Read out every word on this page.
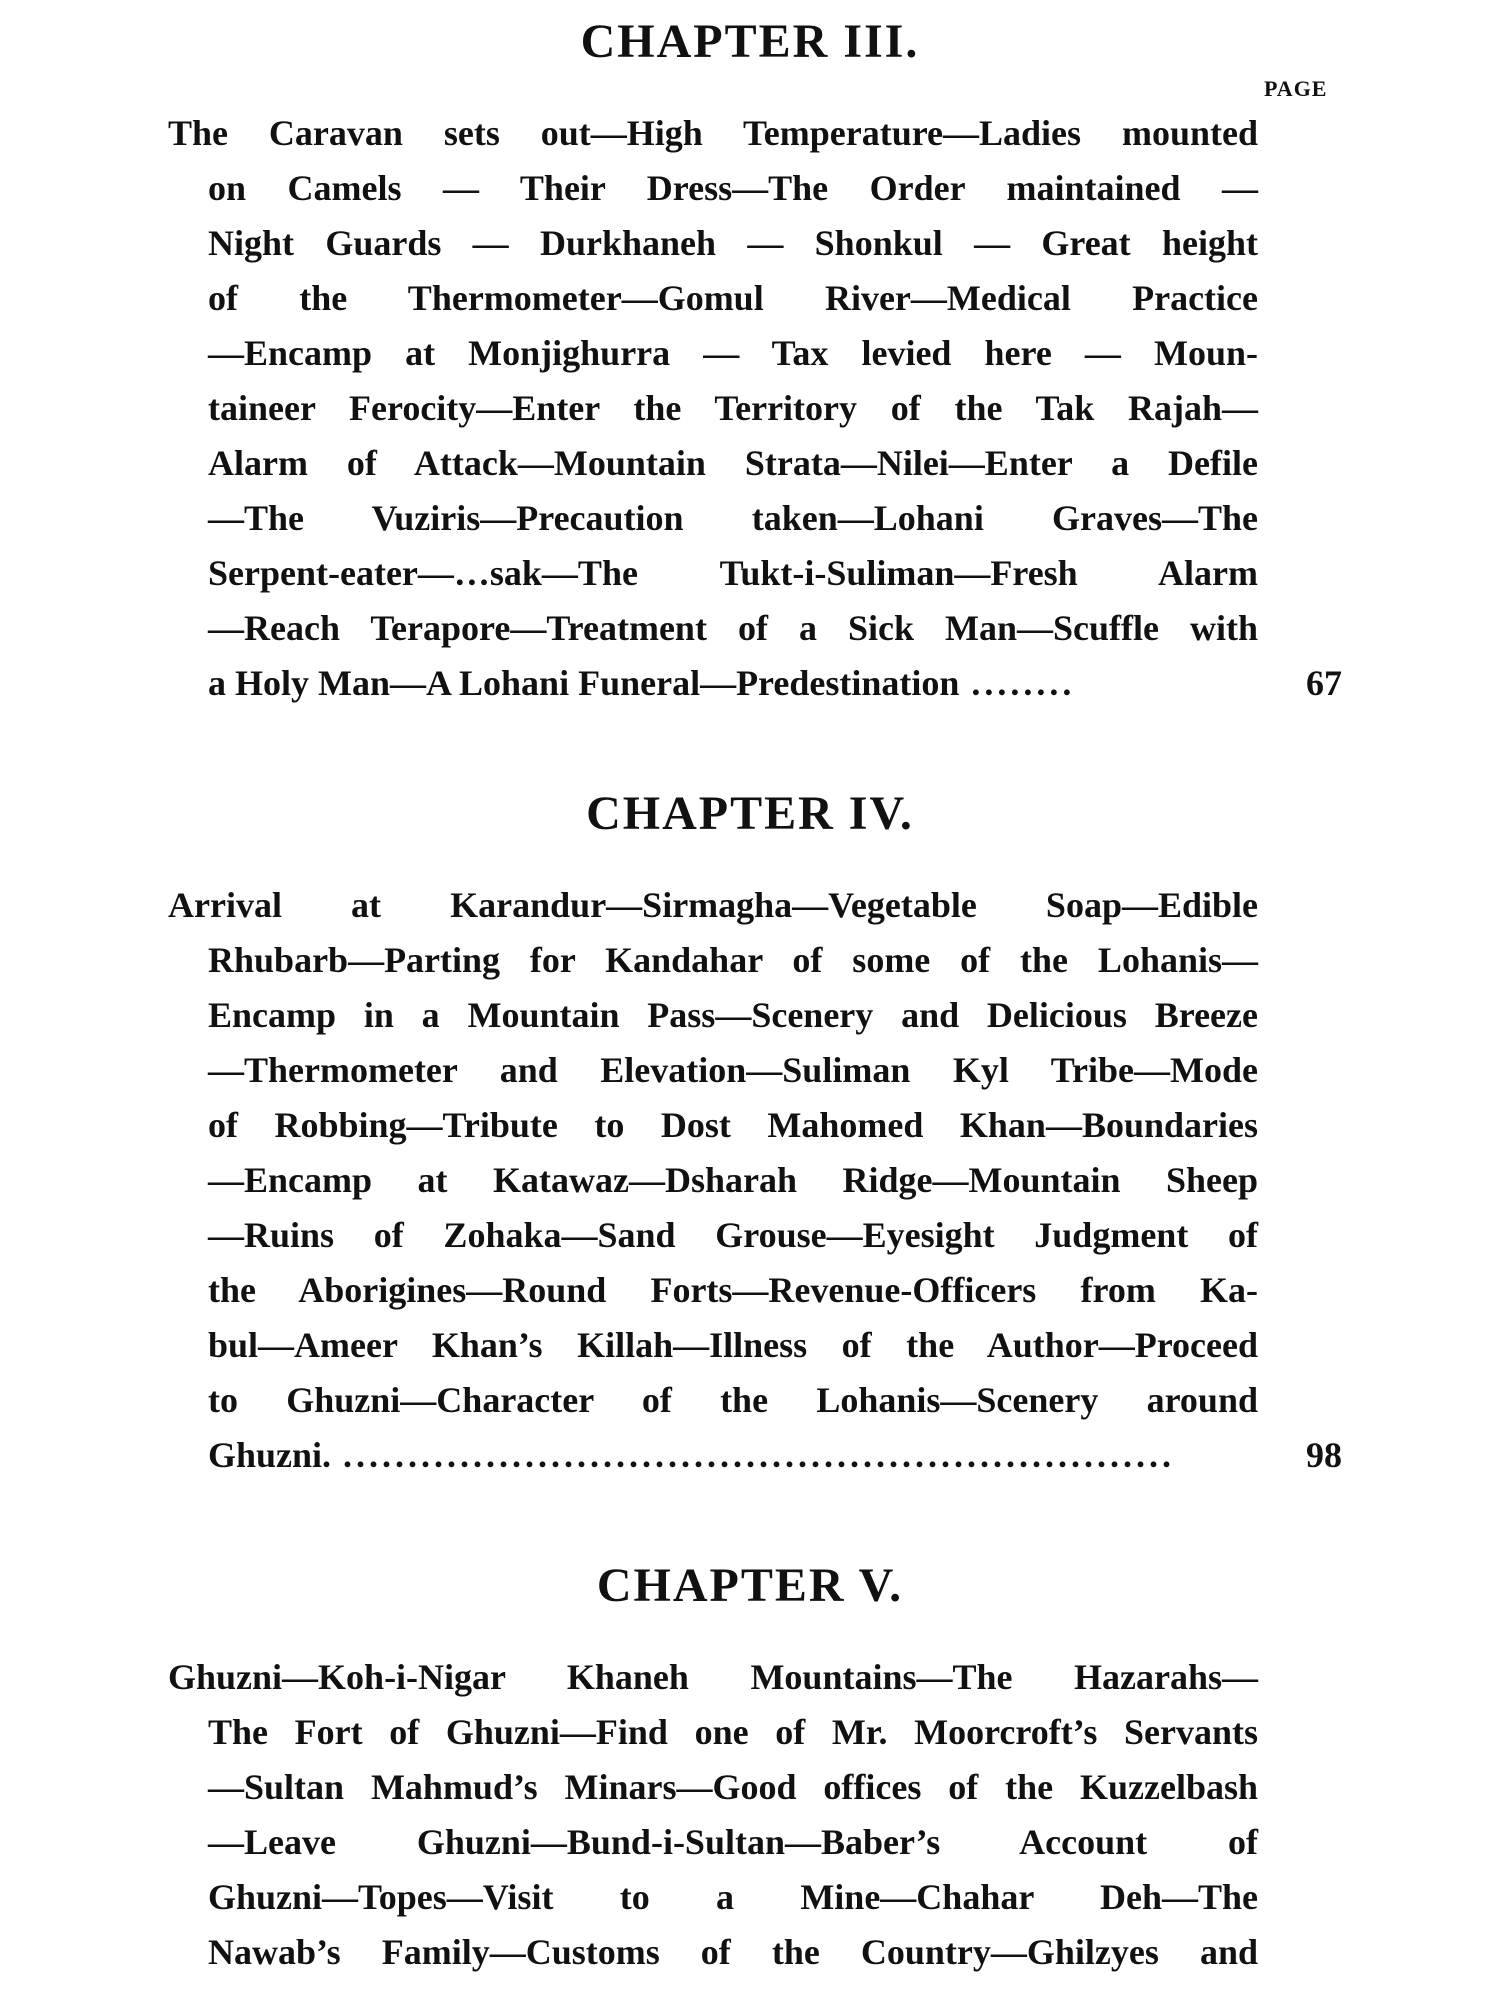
PAGE
CHAPTER III.
The Caravan sets out—High Temperature—Ladies mounted
on Camels — Their Dress—The Order maintained —
Night Guards — Durkhaneh — Shonkul — Great height
of the Thermometer—Gomul River—Medical Practice
—Encamp at Monjighurra — Tax levied here — Moun-
taineer Ferocity—Enter the Territory of the Tak Rajah—
Alarm of Attack—Mountain Strata—Nilei—Enter a Defile
—The Vuziris—Precaution taken—Lohani Graves—The
Serpent-eater—…sak—The Tukt-i-Suliman—Fresh Alarm
—Reach Terapore—Treatment of a Sick Man—Scuffle with
a Holy Man—A Lohani Funeral—Predestination ........	67
CHAPTER IV.
Arrival at Karandur—Sirmagha—Vegetable Soap—Edible
Rhubarb—Parting for Kandahar of some of the Lohanis—
Encamp in a Mountain Pass—Scenery and Delicious Breeze
—Thermometer and Elevation—Suliman Kyl Tribe—Mode
of Robbing—Tribute to Dost Mahomed Khan—Boundaries
—Encamp at Katawaz—Dsharah Ridge—Mountain Sheep
—Ruins of Zohaka—Sand Grouse—Eyesight Judgment of
the Aborigines—Round Forts—Revenue-Officers from Ka-
bul—Ameer Khan’s Killah—Illness of the Author—Proceed
to Ghuzni—Character of the Lohanis—Scenery around
Ghuzni. ................................................................	98
CHAPTER V.
Ghuzni—Koh-i-Nigar Khaneh Mountains—The Hazarahs—
The Fort of Ghuzni—Find one of Mr. Moorcroft’s Servants
—Sultan Mahmud’s Minars—Good offices of the Kuzzelbash
—Leave Ghuzni—Bund-i-Sultan—Baber’s Account of
Ghuzni—Topes—Visit to a Mine—Chahar Deh—The
Nawab’s Family—Customs of the Country—Ghilzyes and
